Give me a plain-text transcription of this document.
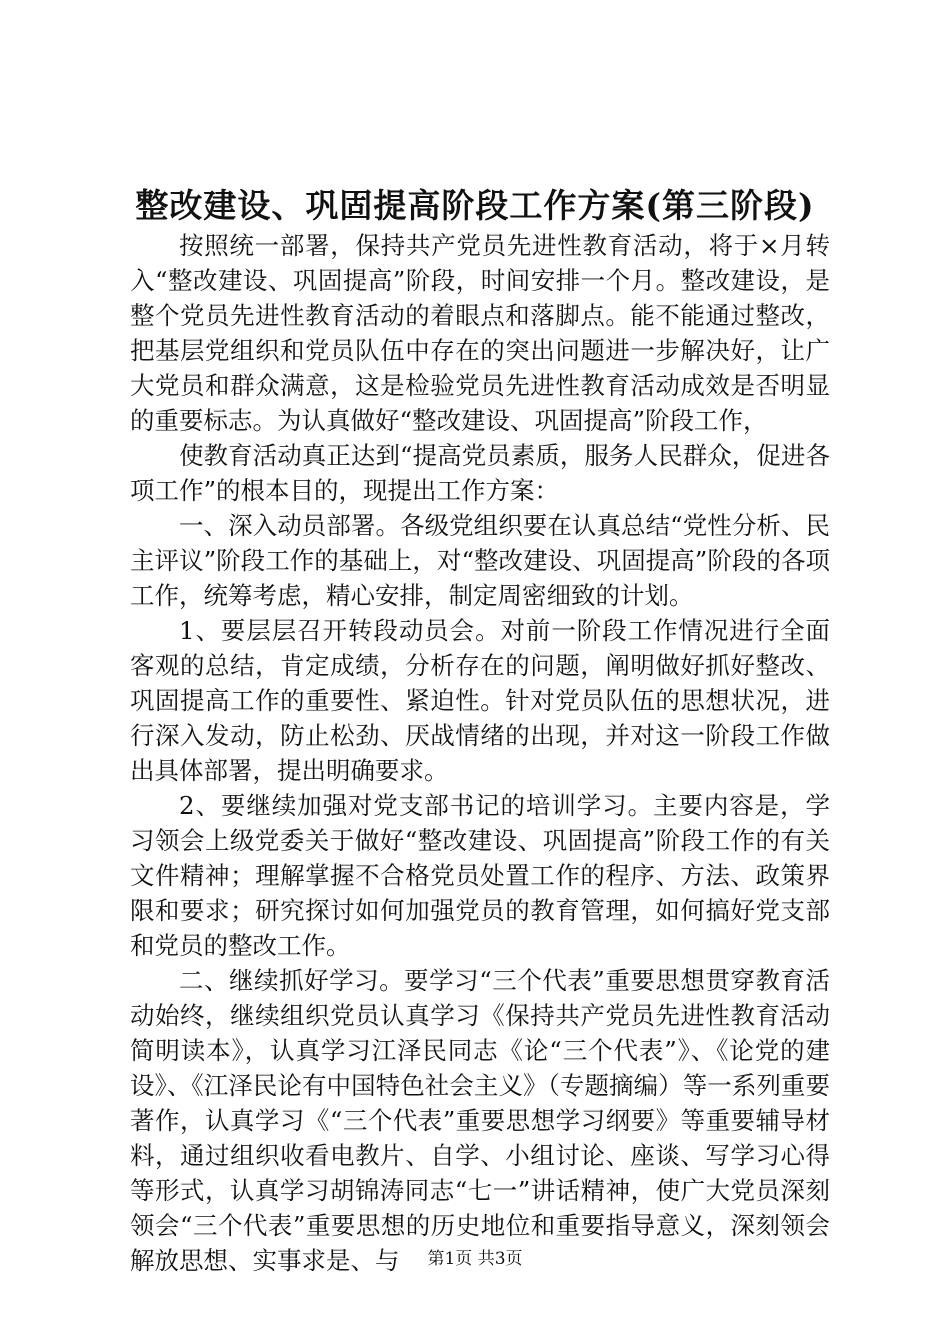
整改建设、巩固提高阶段工作方案(第三阶段)

按照统一部署，保持共产党员先进性教育活动，将于×月转入“整改建设、巩固提高”阶段，时间安排一个月。整改建设，是整个党员先进性教育活动的着眼点和落脚点。能不能通过整改，把基层党组织和党员队伍中存在的突出问题进一步解决好，让广大党员和群众满意，这是检验党员先进性教育活动成效是否明显的重要标志。为认真做好“整改建设、巩固提高”阶段工作，

使教育活动真正达到“提高党员素质，服务人民群众，促进各项工作”的根本目的，现提出工作方案：

一、深入动员部署。各级党组织要在认真总结“党性分析、民主评议”阶段工作的基础上，对“整改建设、巩固提高”阶段的各项工作，统筹考虑，精心安排，制定周密细致的计划。

1、要层层召开转段动员会。对前一阶段工作情况进行全面客观的总结，肯定成绩，分析存在的问题，阐明做好抓好整改、巩固提高工作的重要性、紧迫性。针对党员队伍的思想状况，进行深入发动，防止松劲、厌战情绪的出现，并对这一阶段工作做出具体部署，提出明确要求。

2、要继续加强对党支部书记的培训学习。主要内容是，学习领会上级党委关于做好“整改建设、巩固提高”阶段工作的有关文件精神；理解掌握不合格党员处置工作的程序、方法、政策界限和要求；研究探讨如何加强党员的教育管理，如何搞好党支部和党员的整改工作。

二、继续抓好学习。要学习“三个代表”重要思想贯穿教育活动始终，继续组织党员认真学习《保持共产党员先进性教育活动简明读本》，认真学习江泽民同志《论“三个代表”》、《论党的建设》、《江泽民论有中国特色社会主义》（专题摘编）等一系列重要著作，认真学习《“三个代表”重要思想学习纲要》等重要辅导材料，通过组织收看电教片、自学、小组讨论、座谈、写学习心得等形式，认真学习胡锦涛同志“七一”讲话精神，使广大党员深刻领会“三个代表”重要思想的历史地位和重要指导意义，深刻领会解放思想、实事求是、与	第1页 共3页
